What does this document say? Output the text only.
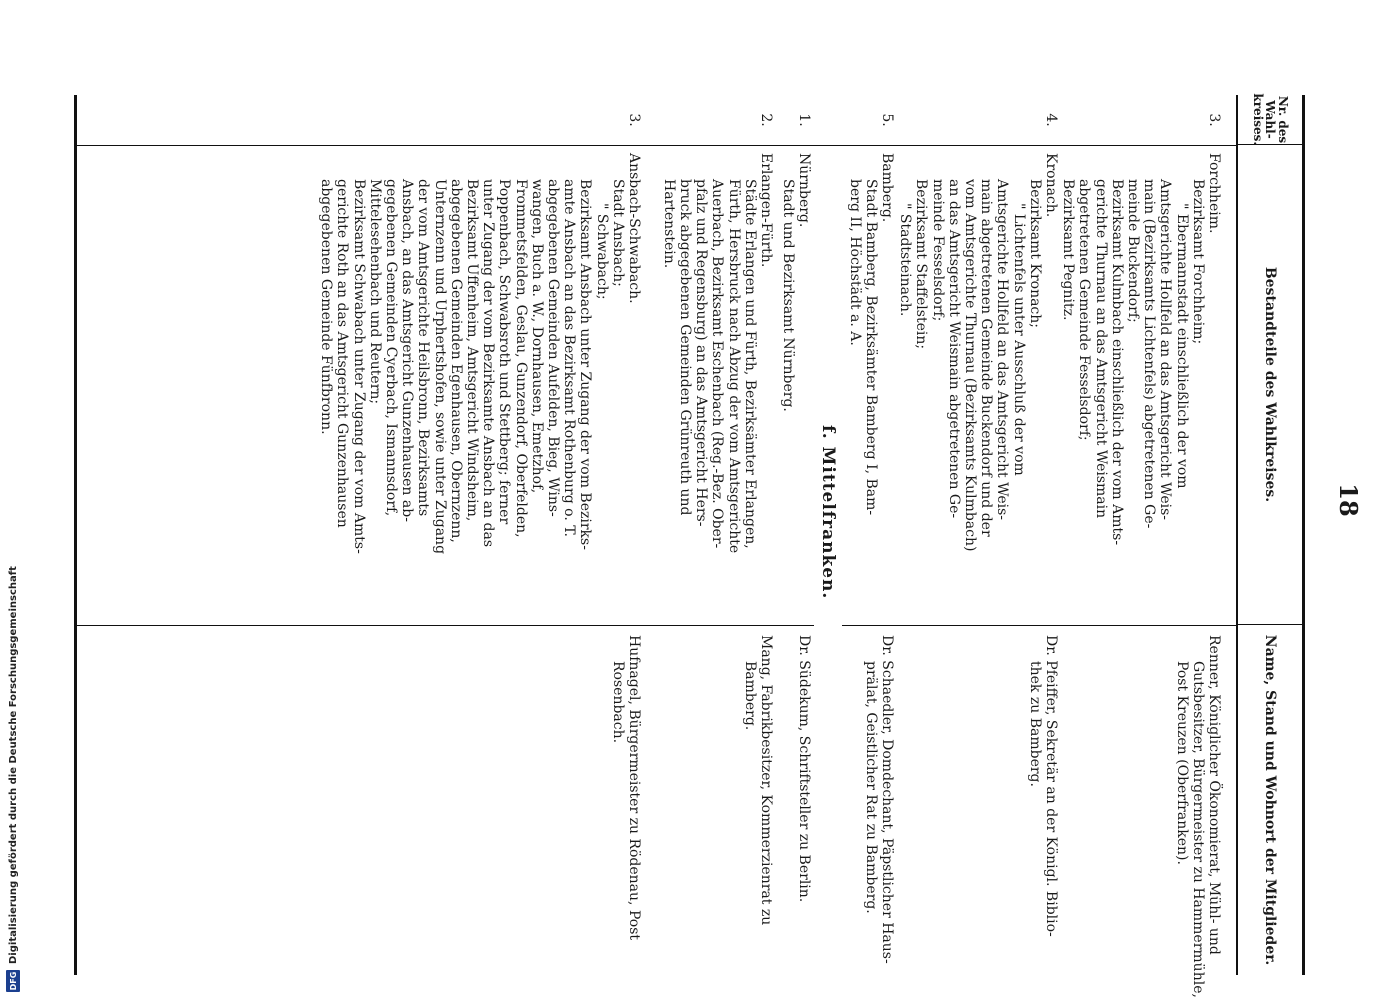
DFG
Digitalisierung gefördert durch die Deutsche Forschungsgemeinschaft
18
Nr. des Wahl- kreises.
Bestandteile des Wahlkreises.
Name, Stand und Wohnort der Mitglieder.
3.
Forchheim.
Bezirksamt Forchheim;
" Ebermannstadt einschließlich der vom
Amtsgerichte Hollfeld an das Amtsgericht Weis-
main (Bezirksamts Lichtenfels) abgetretenen Ge-
meinde Buckendorf;
Bezirksamt Kulmbach einschließlich der vom Amts-
gerichte Thurnau an das Amtsgericht Weismain
abgetretenen Gemeinde Fesselsdorf;
Bezirksamt Pegnitz.
Renner, Königlicher Ökonomierat, Mühl- und
Gutsbesitzer, Bürgermeister zu Hammermühle,
Post Kreuzen (Oberfranken).
4.
Kronach.
Bezirksamt Kronach;
" Lichtenfels unter Ausschluß der vom
Amtsgerichte Hollfeld an das Amtsgericht Weis-
main abgetretenen Gemeinde Buckendorf und der
vom Amtsgerichte Thurnau (Bezirksamts Kulmbach)
an das Amtsgericht Weismain abgetretenen Ge-
meinde Fesselsdorf;
Bezirksamt Staffelstein;
" Stadtsteinach.
Dr. Pfeiffer, Sekretär an der Königl. Biblio-
thek zu Bamberg.
5.
Bamberg.
Stadt Bamberg, Bezirksämter Bamberg I, Bam-
berg II, Höchstädt a. A.
Dr. Schaedler, Domdechant, Päpstlicher Haus-
prälat, Geistlicher Rat zu Bamberg.
f. Mittelfranken.
1.
Nürnberg.
Stadt und Bezirksamt Nürnberg.
Dr. Südekum, Schriftsteller zu Berlin.
2.
Erlangen-Fürth.
Städte Erlangen und Fürth, Bezirksämter Erlangen,
Fürth, Hersbruck nach Abzug der vom Amtsgerichte
Auerbach, Bezirksamt Eschenbach (Reg.-Bez. Ober-
pfalz und Regensburg) an das Amtsgericht Hers-
bruck abgegebenen Gemeinden Grünreuth und
Hartenstein.
Mang, Fabrikbesitzer, Kommerzienrat zu
Bamberg.
3.
Ansbach-Schwabach.
Stadt Ansbach;
" Schwabach;
Bezirksamt Ansbach unter Zugang der vom Bezirks-
amte Ansbach an das Bezirksamt Rothenburg o. T.
abgegebenen Gemeinden Aufelden, Bieg, Wins-
wangen, Buch a. W., Dornhausen, Emetzhof,
Frommetsfelden, Geslau, Gunzendorf, Oberfelden,
Poppenbach, Schwabsroth und Stettberg; ferner
unter Zugang der vom Bezirksamte Ansbach an das
Bezirksamt Uffenheim, Amtsgericht Windsheim,
abgegebenen Gemeinden Egenhausen, Obernzenn,
Unternzenn und Urphertshofen, sowie unter Zugang
der vom Amtsgerichte Heilsbronn, Bezirksamts
Ansbach, an das Amtsgericht Gunzenhausen ab-
gegebenen Gemeinden Cyerbach, Ismannsdorf,
Mittelesehenbach und Reutern;
Bezirksamt Schwabach unter Zugang der vom Amts-
gerichte Roth an das Amtsgericht Gunzenhausen
abgegebenen Gemeinde Fünfbronn.
Hufnagel, Bürgermeister zu Rödenau, Post
Rosenbach.
